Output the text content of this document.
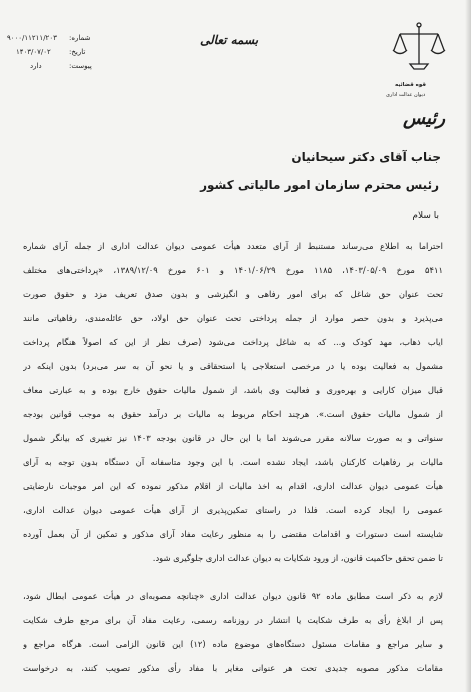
شماره:
۹۰۰۰/۱۱۲۱۱/۲۰۳
تاریخ:
۱۴۰۳/۰۷/۰۲
پیوست:
دارد
بسمه تعالی
قوه قضائیه
دیوان عدالت اداری
رئیس
جناب آقای دکتر سیحانیان
رئیس محترم سازمان امور مالیاتی کشور
با سلام
احتراما به اطلاع می‌رساند مستنبط از آرای متعدد هیأت عمومی دیوان عدالت اداری از جمله آرای شماره
۵۴۱۱ مورخ ۱۴۰۳/۰۵/۰۹، ۱۱۸۵ مورخ ۱۴۰۱/۰۶/۲۹ و ۶۰۱ مورخ ۱۳۸۹/۱۲/۰۹، «پرداختی‌های مختلف
تحت عنوان حق شاغل که برای امور رفاهی و انگیزشی و بدون صدق تعریف مزد و حقوق صورت
می‌پذیرد و بدون حصر موارد از جمله پرداختی تحت عنوان حق اولاد، حق عائله‌مندی، رفاهیاتی مانند
ایاب ذهاب، مهد کودک و... که به شاغل پرداخت می‌شود (صرف نظر از این که اصولاً هنگام پرداخت
مشمول به فعالیت بوده یا در مرخصی استعلاجی یا استحقاقی و یا نحو آن به سر می‌برد) بدون اینکه در
قبال میزان کارایی و بهره‌وری و فعالیت وی باشد، از شمول مالیات حقوق خارج بوده و به عبارتی معاف
از شمول مالیات حقوق است.». هرچند احکام مربوط به مالیات بر درآمد حقوق به موجب قوانین بودجه
سنواتی و به صورت سالانه مقرر می‌شوند اما با این حال در قانون بودجه ۱۴۰۳ نیز تغییری که بیانگر شمول
مالیات بر رفاهیات کارکنان باشد، ایجاد نشده است. با این وجود متاسفانه آن دستگاه بدون توجه به آرای
هیأت عمومی دیوان عدالت اداری، اقدام به اخذ مالیات از اقلام مذکور نموده که این امر موجبات نارضایتی
عمومی را ایجاد کرده است. فلذا در راستای تمکین‌پذیری از آرای هیأت عمومی دیوان عدالت اداری،
شایسته است دستورات و اقدامات مقتضی را به منظور رعایت مفاد آرای مذکور و تمکین از آن بعمل آورده
تا ضمن تحقق حاکمیت قانون، از ورود شکایات به دیوان عدالت اداری جلوگیری شود.
لازم به ذکر است مطابق ماده ۹۲ قانون دیوان عدالت اداری «چنانچه مصوبه‌ای در هیأت عمومی ابطال شود،
پس از ابلاغ رأی به طرف شکایت یا انتشار در روزنامه رسمی، رعایت مفاد آن برای مرجع طرف شکایت
و سایر مراجع و مقامات مسئول دستگاه‌های موضوع ماده (۱۲) این قانون الزامی است. هرگاه مراجع و
مقامات مذکور مصوبه جدیدی تحت هر عنوانی مغایر با مفاد رأی مذکور تصویب کنند، به درخواست
